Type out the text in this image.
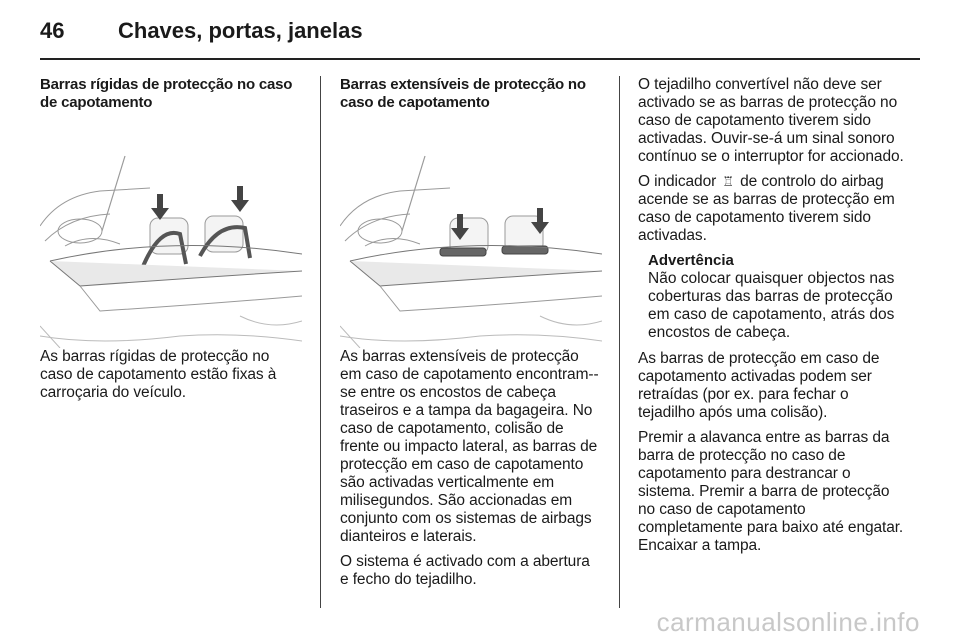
46 Chaves, portas, janelas
Barras rígidas de protecção no caso de capotamento

As barras rígidas de protecção no caso de capotamento estão fixas à carroçaria do veículo.

Barras extensíveis de protecção no caso de capotamento

As barras extensíveis de protecção em caso de capotamento encontram--se entre os encostos de cabeça traseiros e a tampa da bagageira. No caso de capotamento, colisão de frente ou impacto lateral, as barras de protecção em caso de capotamento são activadas verticalmente em milisegundos. São accionadas em conjunto com os sistemas de airbags dianteiros e laterais.

O sistema é activado com a abertura e fecho do tejadilho.

O tejadilho convertível não deve ser activado se as barras de protecção no caso de capotamento tiverem sido activadas. Ouvir-se-á um sinal sonoro contínuo se o interruptor for accionado.

O indicador ♖ de controlo do airbag acende se as barras de protecção em caso de capotamento tiverem sido activadas.

Advertência

Não colocar quaisquer objectos nas coberturas das barras de protecção em caso de capotamento, atrás dos encostos de cabeça.

As barras de protecção em caso de capotamento activadas podem ser retraídas (por ex. para fechar o tejadilho após uma colisão).

Premir a alavanca entre as barras da barra de protecção no caso de capotamento para destrancar o sistema. Premir a barra de protecção no caso de capotamento completamente para baixo até engatar. Encaixar a tampa.

carmanualsonline.info
